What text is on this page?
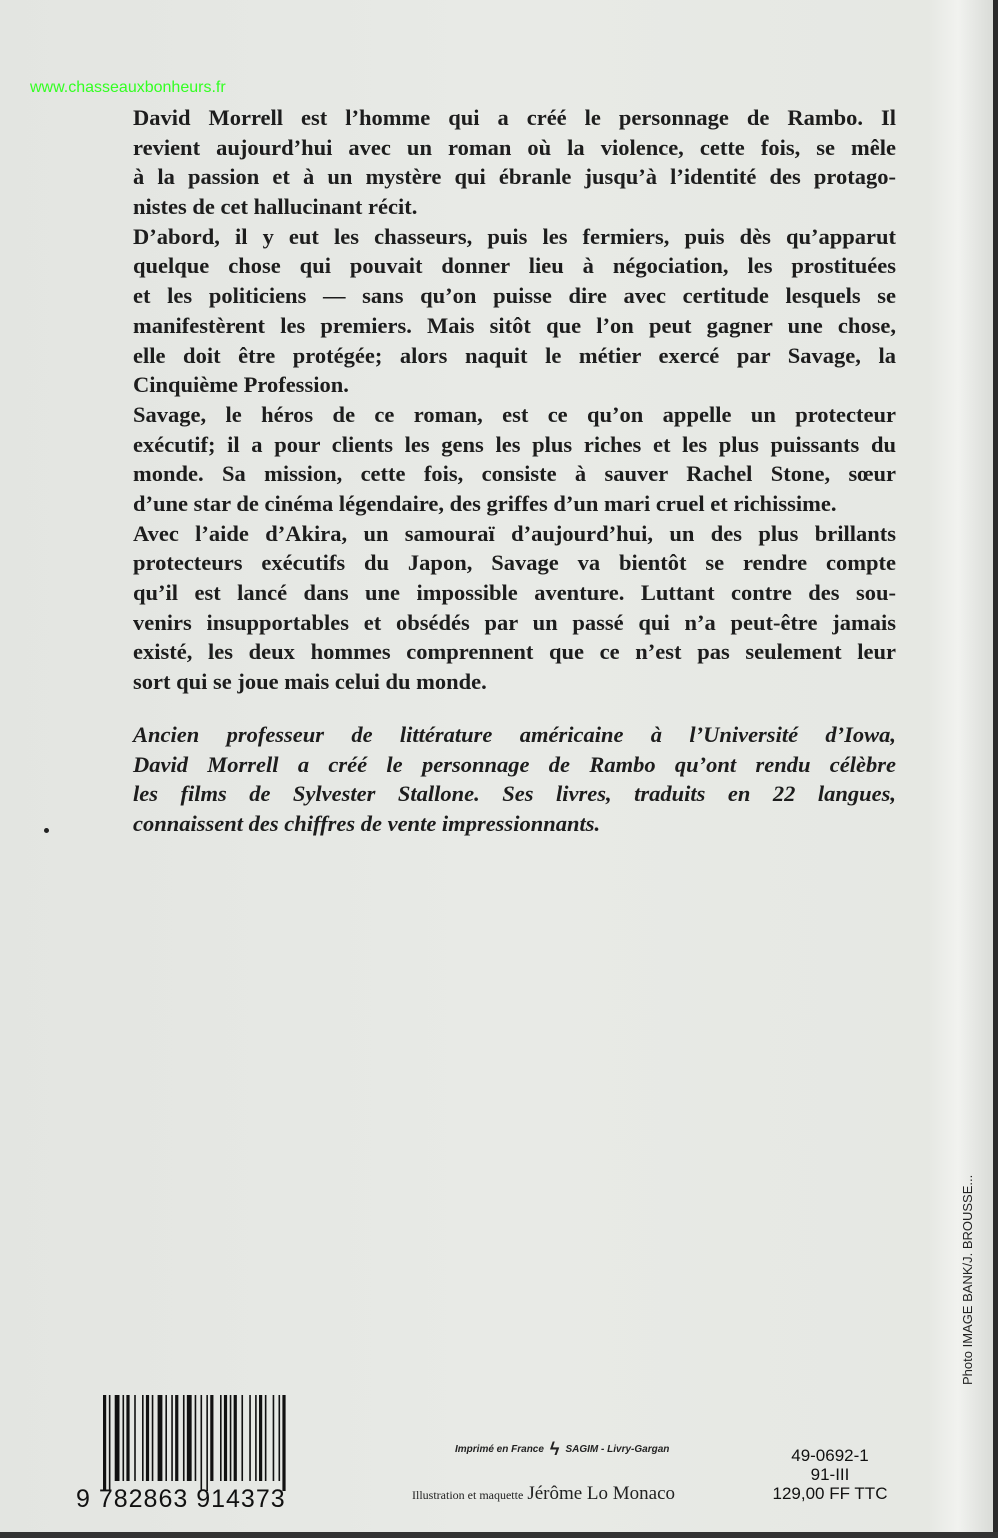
www.chasseauxbonheurs.fr
David Morrell est l’homme qui a créé le personnage de Rambo. Il
revient aujourd’hui avec un roman où la violence, cette fois, se mêle
à la passion et à un mystère qui ébranle jusqu’à l’identité des protago-
nistes de cet hallucinant récit.
D’abord, il y eut les chasseurs, puis les fermiers, puis dès qu’apparut
quelque chose qui pouvait donner lieu à négociation, les prostituées
et les politiciens — sans qu’on puisse dire avec certitude lesquels se
manifestèrent les premiers. Mais sitôt que l’on peut gagner une chose,
elle doit être protégée; alors naquit le métier exercé par Savage, la
Cinquième Profession.
Savage, le héros de ce roman, est ce qu’on appelle un protecteur
exécutif; il a pour clients les gens les plus riches et les plus puissants du
monde. Sa mission, cette fois, consiste à sauver Rachel Stone, sœur
d’une star de cinéma légendaire, des griffes d’un mari cruel et richissime.
Avec l’aide d’Akira, un samouraï d’aujourd’hui, un des plus brillants
protecteurs exécutifs du Japon, Savage va bientôt se rendre compte
qu’il est lancé dans une impossible aventure. Luttant contre des sou-
venirs insupportables et obsédés par un passé qui n’a peut-être jamais
existé, les deux hommes comprennent que ce n’est pas seulement leur
sort qui se joue mais celui du monde.
Ancien professeur de littérature américaine à l’Université d’Iowa,
David Morrell a créé le personnage de Rambo qu’ont rendu célèbre
les films de Sylvester Stallone. Ses livres, traduits en 22 langues,
connaissent des chiffres de vente impressionnants.
9 782863 914373
Imprimé en France ϟ SAGIM - Livry-Gargan
Illustration et maquette Jérôme Lo Monaco
49-0692-1
91-III
129,00 FF TTC
Photo IMAGE BANK/J. BROUSSE...
